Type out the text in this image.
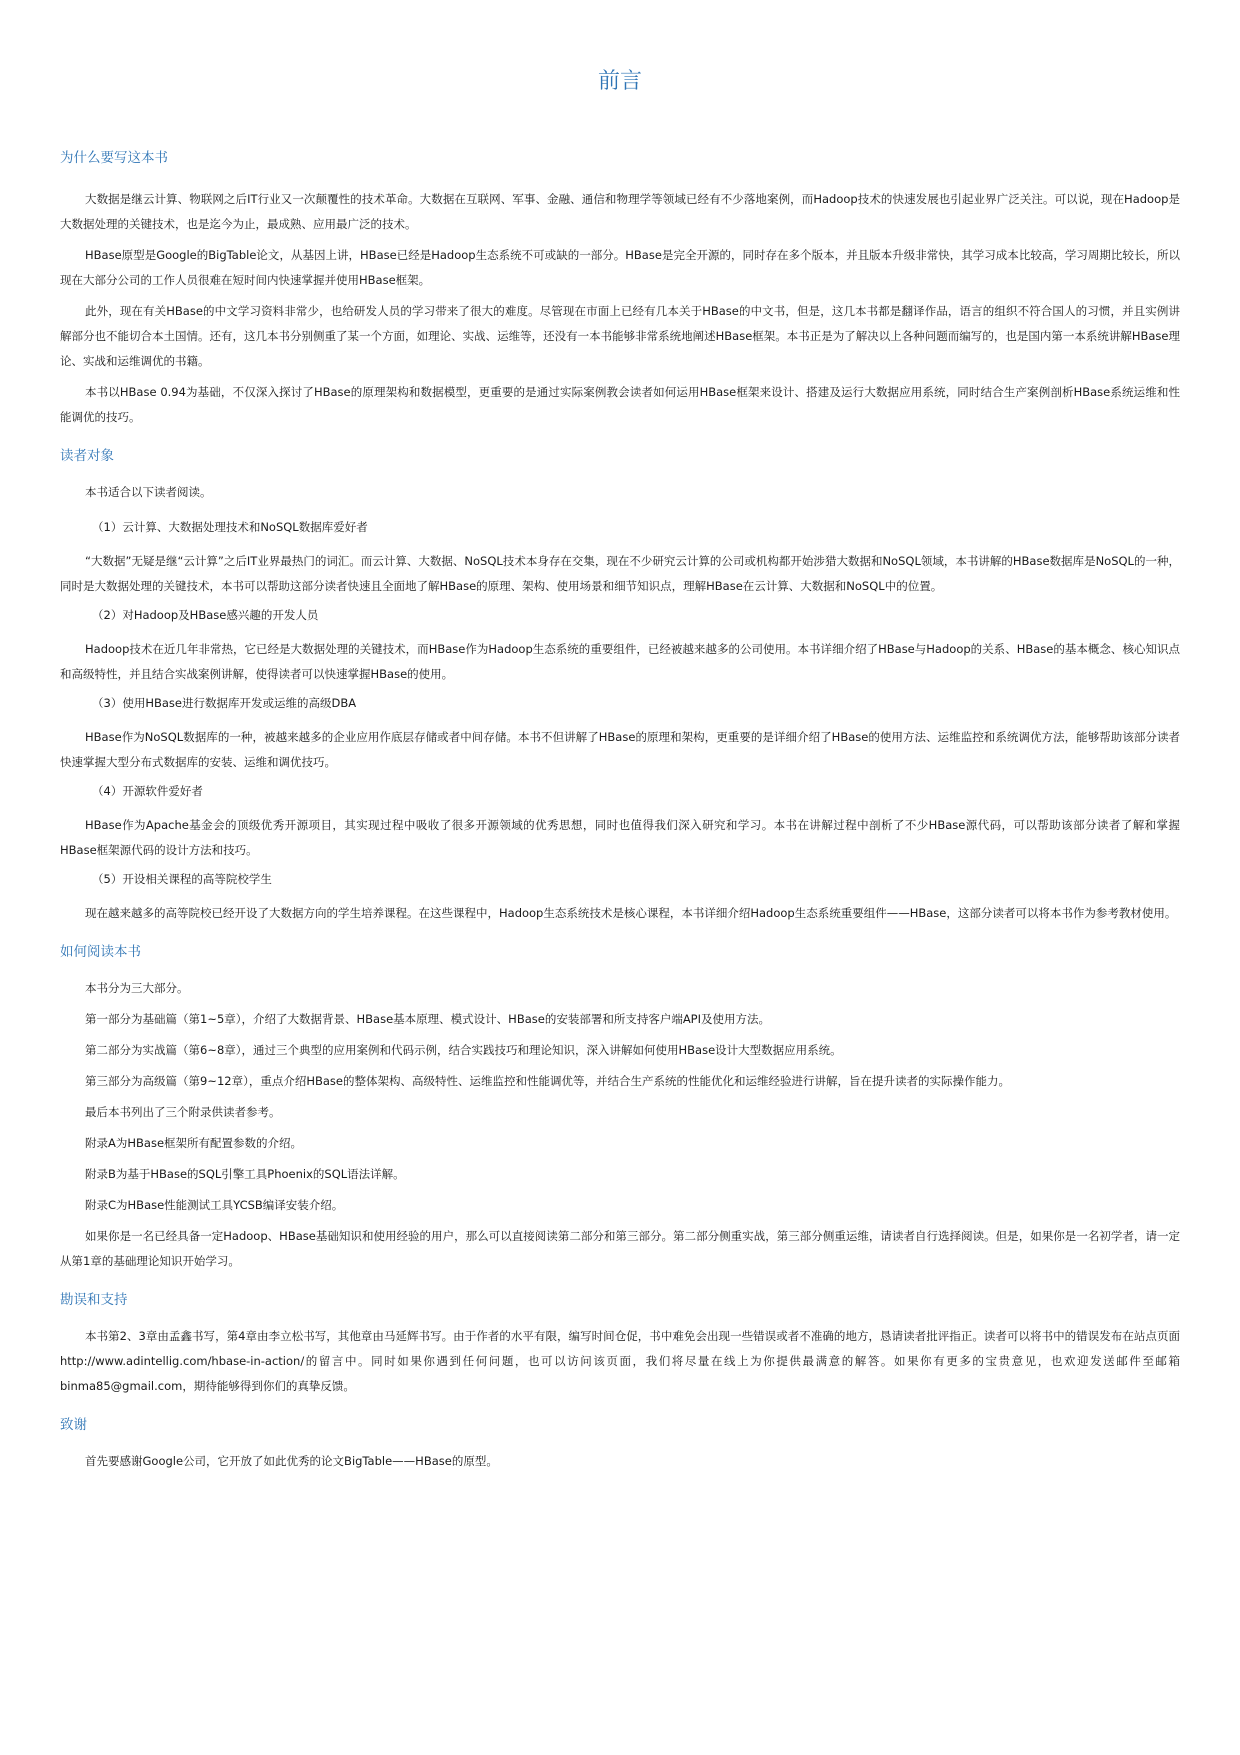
前言
为什么要写这本书

大数据是继云计算、物联网之后IT行业又一次颠覆性的技术革命。大数据在互联网、军事、金融、通信和物理学等领域已经有不少落地案例，而Hadoop技术的快速发展也引起业界广泛关注。可以说，现在Hadoop是大数据处理的关键技术，也是迄今为止，最成熟、应用最广泛的技术。

HBase原型是Google的BigTable论文，从基因上讲，HBase已经是Hadoop生态系统不可或缺的一部分。HBase是完全开源的，同时存在多个版本，并且版本升级非常快，其学习成本比较高，学习周期比较长，所以现在大部分公司的工作人员很难在短时间内快速掌握并使用HBase框架。

此外，现在有关HBase的中文学习资料非常少，也给研发人员的学习带来了很大的难度。尽管现在市面上已经有几本关于HBase的中文书，但是，这几本书都是翻译作品，语言的组织不符合国人的习惯，并且实例讲解部分也不能切合本土国情。还有，这几本书分别侧重了某一个方面，如理论、实战、运维等，还没有一本书能够非常系统地阐述HBase框架。本书正是为了解决以上各种问题而编写的，也是国内第一本系统讲解HBase理论、实战和运维调优的书籍。

本书以HBase 0.94为基础，不仅深入探讨了HBase的原理架构和数据模型，更重要的是通过实际案例教会读者如何运用HBase框架来设计、搭建及运行大数据应用系统，同时结合生产案例剖析HBase系统运维和性能调优的技巧。

读者对象

本书适合以下读者阅读。

（1）云计算、大数据处理技术和NoSQL数据库爱好者

“大数据”无疑是继“云计算”之后IT业界最热门的词汇。而云计算、大数据、NoSQL技术本身存在交集，现在不少研究云计算的公司或机构都开始涉猎大数据和NoSQL领域，本书讲解的HBase数据库是NoSQL的一种，同时是大数据处理的关键技术，本书可以帮助这部分读者快速且全面地了解HBase的原理、架构、使用场景和细节知识点，理解HBase在云计算、大数据和NoSQL中的位置。

（2）对Hadoop及HBase感兴趣的开发人员

Hadoop技术在近几年非常热，它已经是大数据处理的关键技术，而HBase作为Hadoop生态系统的重要组件，已经被越来越多的公司使用。本书详细介绍了HBase与Hadoop的关系、HBase的基本概念、核心知识点和高级特性，并且结合实战案例讲解，使得读者可以快速掌握HBase的使用。

（3）使用HBase进行数据库开发或运维的高级DBA

HBase作为NoSQL数据库的一种，被越来越多的企业应用作底层存储或者中间存储。本书不但讲解了HBase的原理和架构，更重要的是详细介绍了HBase的使用方法、运维监控和系统调优方法，能够帮助该部分读者快速掌握大型分布式数据库的安装、运维和调优技巧。

（4）开源软件爱好者

HBase作为Apache基金会的顶级优秀开源项目，其实现过程中吸收了很多开源领域的优秀思想，同时也值得我们深入研究和学习。本书在讲解过程中剖析了不少HBase源代码，可以帮助该部分读者了解和掌握HBase框架源代码的设计方法和技巧。

（5）开设相关课程的高等院校学生

现在越来越多的高等院校已经开设了大数据方向的学生培养课程。在这些课程中，Hadoop生态系统技术是核心课程，本书详细介绍Hadoop生态系统重要组件——HBase，这部分读者可以将本书作为参考教材使用。

如何阅读本书

本书分为三大部分。

第一部分为基础篇（第1~5章），介绍了大数据背景、HBase基本原理、模式设计、HBase的安装部署和所支持客户端API及使用方法。

第二部分为实战篇（第6~8章），通过三个典型的应用案例和代码示例，结合实践技巧和理论知识，深入讲解如何使用HBase设计大型数据应用系统。

第三部分为高级篇（第9~12章），重点介绍HBase的整体架构、高级特性、运维监控和性能调优等，并结合生产系统的性能优化和运维经验进行讲解，旨在提升读者的实际操作能力。

最后本书列出了三个附录供读者参考。

附录A为HBase框架所有配置参数的介绍。

附录B为基于HBase的SQL引擎工具Phoenix的SQL语法详解。

附录C为HBase性能测试工具YCSB编译安装介绍。

如果你是一名已经具备一定Hadoop、HBase基础知识和使用经验的用户，那么可以直接阅读第二部分和第三部分。第二部分侧重实战，第三部分侧重运维，请读者自行选择阅读。但是，如果你是一名初学者，请一定从第1章的基础理论知识开始学习。

勘误和支持

本书第2、3章由孟鑫书写，第4章由李立松书写，其他章由马延辉书写。由于作者的水平有限，编写时间仓促，书中难免会出现一些错误或者不准确的地方，恳请读者批评指正。读者可以将书中的错误发布在站点页面http://www.adintellig.com/hbase-in-action/的留言中。同时如果你遇到任何问题，也可以访问该页面，我们将尽量在线上为你提供最满意的解答。如果你有更多的宝贵意见，也欢迎发送邮件至邮箱binma85@gmail.com，期待能够得到你们的真挚反馈。

致谢

首先要感谢Google公司，它开放了如此优秀的论文BigTable——HBase的原型。
